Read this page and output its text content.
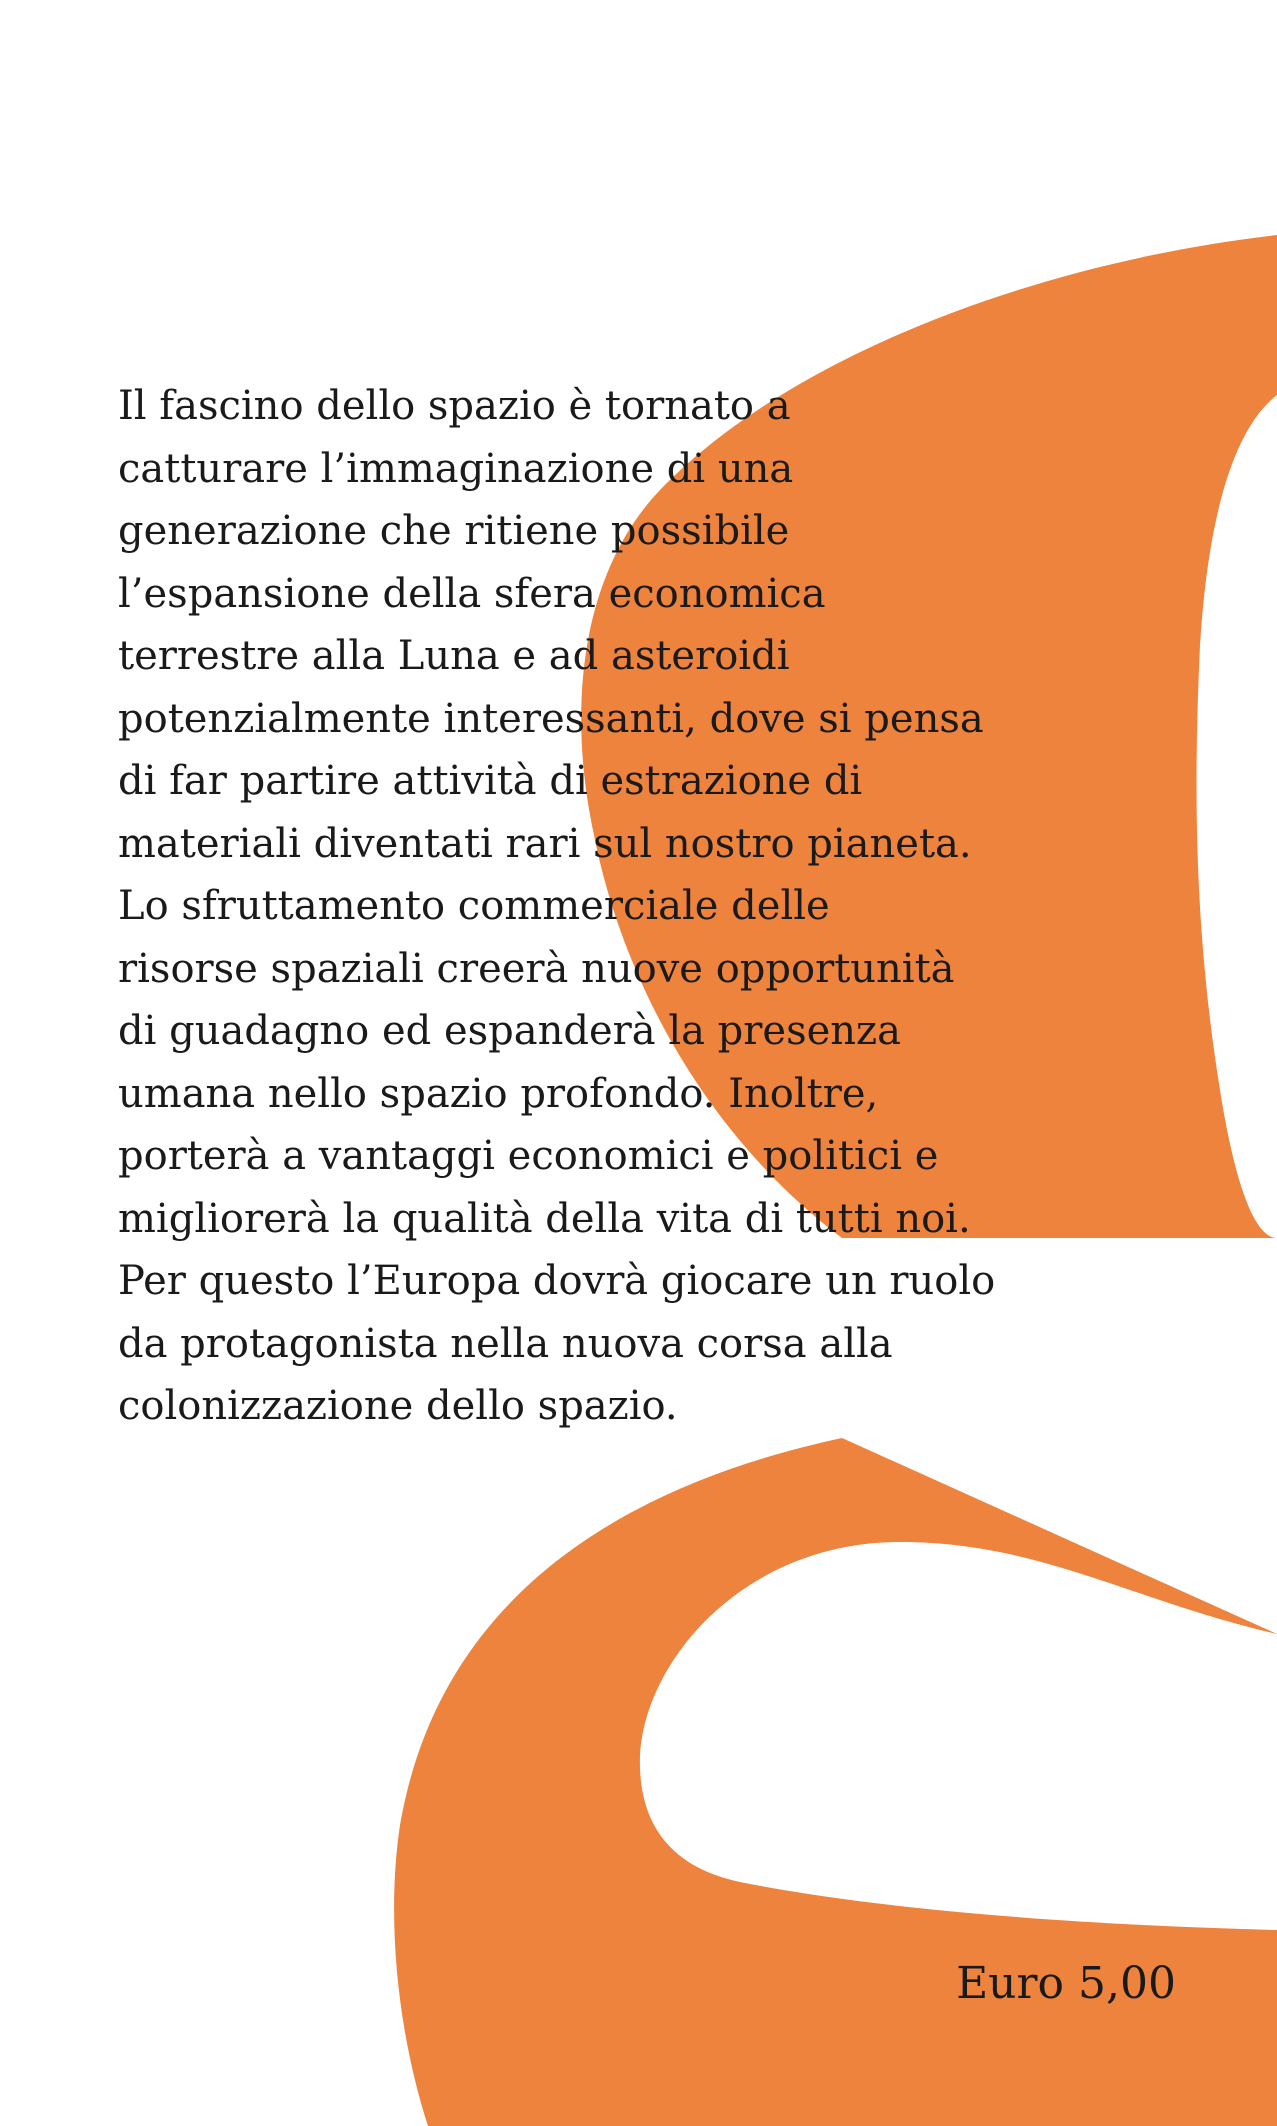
Il fascino dello spazio è tornato a
catturare l’immaginazione di una
generazione che ritiene possibile
l’espansione della sfera economica
terrestre alla Luna e ad asteroidi
potenzialmente interessanti, dove si pensa
di far partire attività di estrazione di
materiali diventati rari sul nostro pianeta.
Lo sfruttamento commerciale delle
risorse spaziali creerà nuove opportunità
di guadagno ed espanderà la presenza
umana nello spazio profondo. Inoltre,
porterà a vantaggi economici e politici e
migliorerà la qualità della vita di tutti noi.
Per questo l’Europa dovrà giocare un ruolo
da protagonista nella nuova corsa alla
colonizzazione dello spazio.

Euro 5,00
